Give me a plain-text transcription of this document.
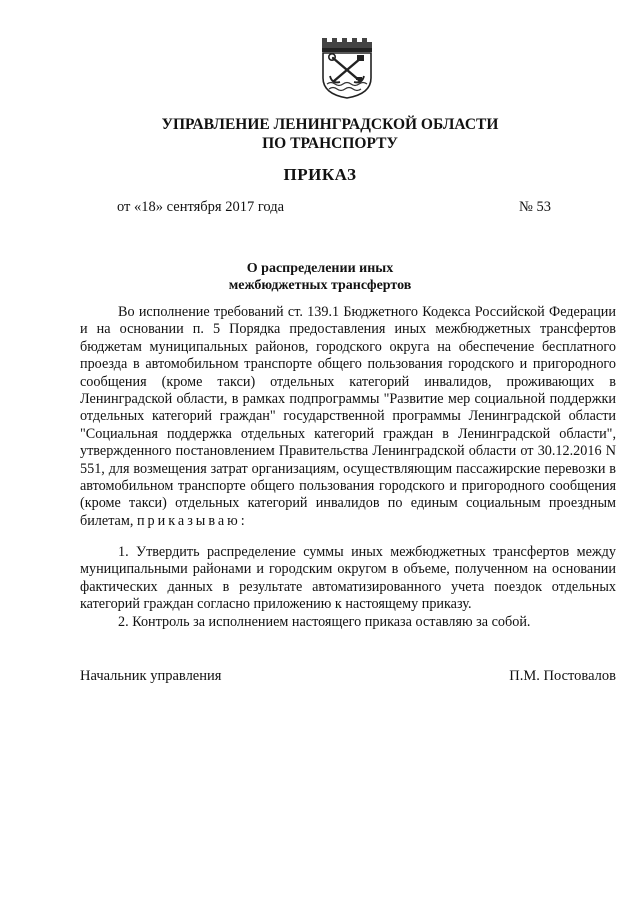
УПРАВЛЕНИЕ ЛЕНИНГРАДСКОЙ ОБЛАСТИ
ПО ТРАНСПОРТУ
ПРИКАЗ
от «18» сентября 2017 года	№ 53
О распределении иных
межбюджетных трансфертов

Во исполнение требований ст. 139.1 Бюджетного Кодекса Российской Федерации и на основании п. 5 Порядка предоставления иных межбюджетных трансфертов бюджетам муниципальных районов, городского округа на обеспечение бесплатного проезда в автомобильном транспорте общего пользования городского и пригородного сообщения (кроме такси) отдельных категорий инвалидов, проживающих в Ленинградской области, в рамках подпрограммы "Развитие мер социальной поддержки отдельных категорий граждан" государственной программы Ленинградской области "Социальная поддержка отдельных категорий граждан в Ленинградской области", утвержденного постановлением Правительства Ленинградской области от 30.12.2016 N 551, для возмещения затрат организациям, осуществляющим пассажирские перевозки в автомобильном транспорте общего пользования городского и пригородного сообщения (кроме такси) отдельных категорий инвалидов по единым социальным проездным билетам, приказываю:

1. Утвердить распределение суммы иных межбюджетных трансфертов между муниципальными районами и городским округом в объеме, полученном на основании фактических данных в результате автоматизированного учета поездок отдельных категорий граждан согласно приложению к настоящему приказу.

2. Контроль за исполнением настоящего приказа оставляю за собой.

Начальник управления	П.М. Постовалов
